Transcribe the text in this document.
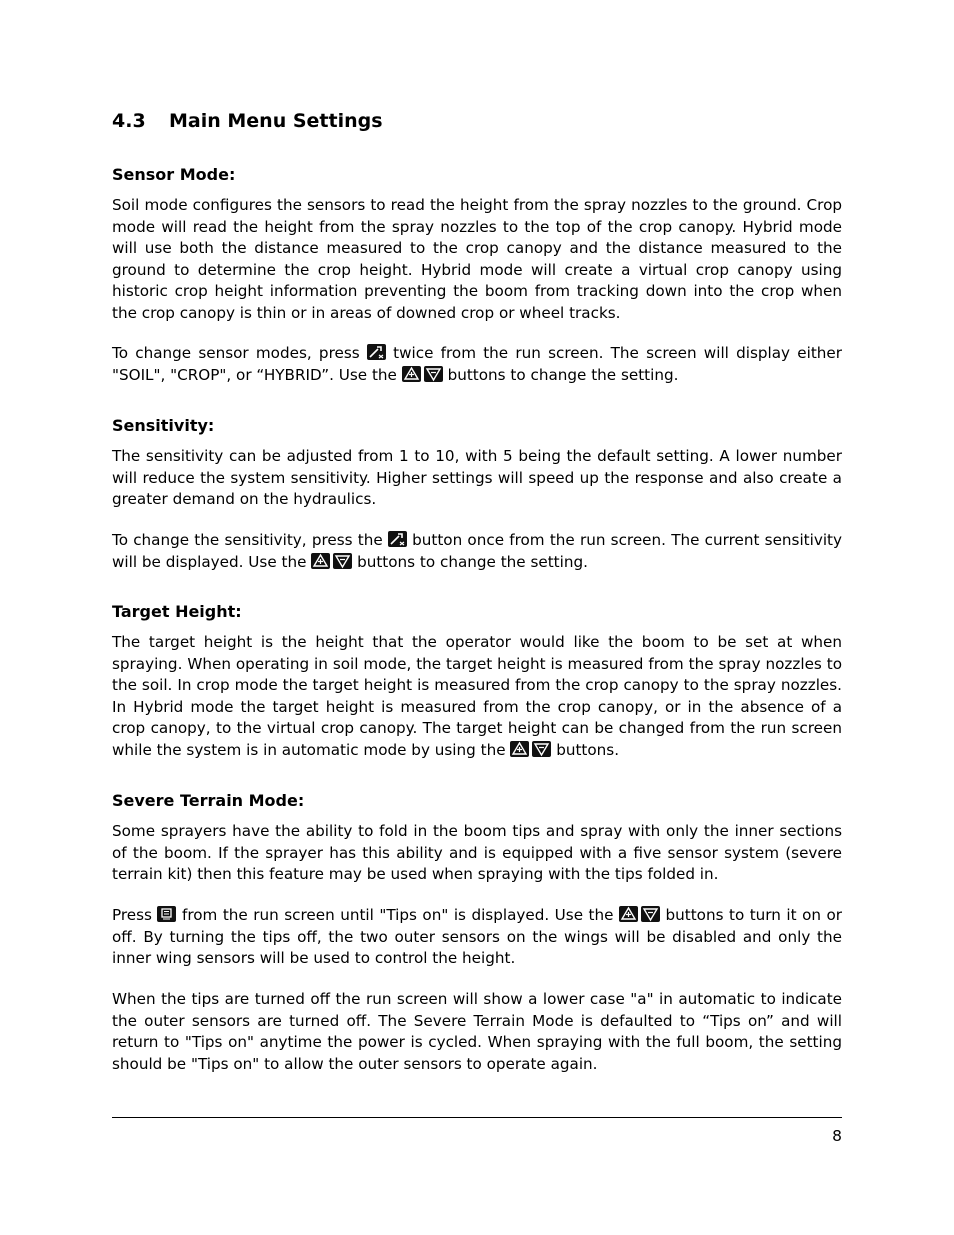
4.3 Main Menu Settings
Sensor Mode:

Soil mode configures the sensors to read the height from the spray nozzles to the ground. Crop mode will read the height from the spray nozzles to the top of the crop canopy. Hybrid mode will use both the distance measured to the crop canopy and the distance measured to the ground to determine the crop height. Hybrid mode will create a virtual crop canopy using historic crop height information preventing the boom from tracking down into the crop when the crop canopy is thin or in areas of downed crop or wheel tracks.

To change sensor modes, press twice from the run screen. The screen will display either "SOIL", "CROP", or “HYBRID”. Use the	buttons to change the setting.

Sensitivity:

The sensitivity can be adjusted from 1 to 10, with 5 being the default setting. A lower number will reduce the system sensitivity. Higher settings will speed up the response and also create a greater demand on the hydraulics.

To change the sensitivity, press the button once from the run screen. The current sensitivity will be displayed. Use the	buttons to change the setting.

Target Height:

The target height is the height that the operator would like the boom to be set at when spraying. When operating in soil mode, the target height is measured from the spray nozzles to the soil. In crop mode the target height is measured from the crop canopy to the spray nozzles. In Hybrid mode the target height is measured from the crop canopy, or in the absence of a crop canopy, to the virtual crop canopy. The target height can be changed from the run screen while the system is in automatic mode by using the	buttons.

Severe Terrain Mode:

Some sprayers have the ability to fold in the boom tips and spray with only the inner sections of the boom. If the sprayer has this ability and is equipped with a five sensor system (severe terrain kit) then this feature may be used when spraying with the tips folded in.

Press from the run screen until "Tips on" is displayed. Use the	buttons to turn it on or off. By turning the tips off, the two outer sensors on the wings will be disabled and only the inner wing sensors will be used to control the height.

When the tips are turned off the run screen will show a lower case "a" in automatic to indicate the outer sensors are turned off. The Severe Terrain Mode is defaulted to “Tips on” and will return to "Tips on" anytime the power is cycled. When spraying with the full boom, the setting should be "Tips on" to allow the outer sensors to operate again.

8
